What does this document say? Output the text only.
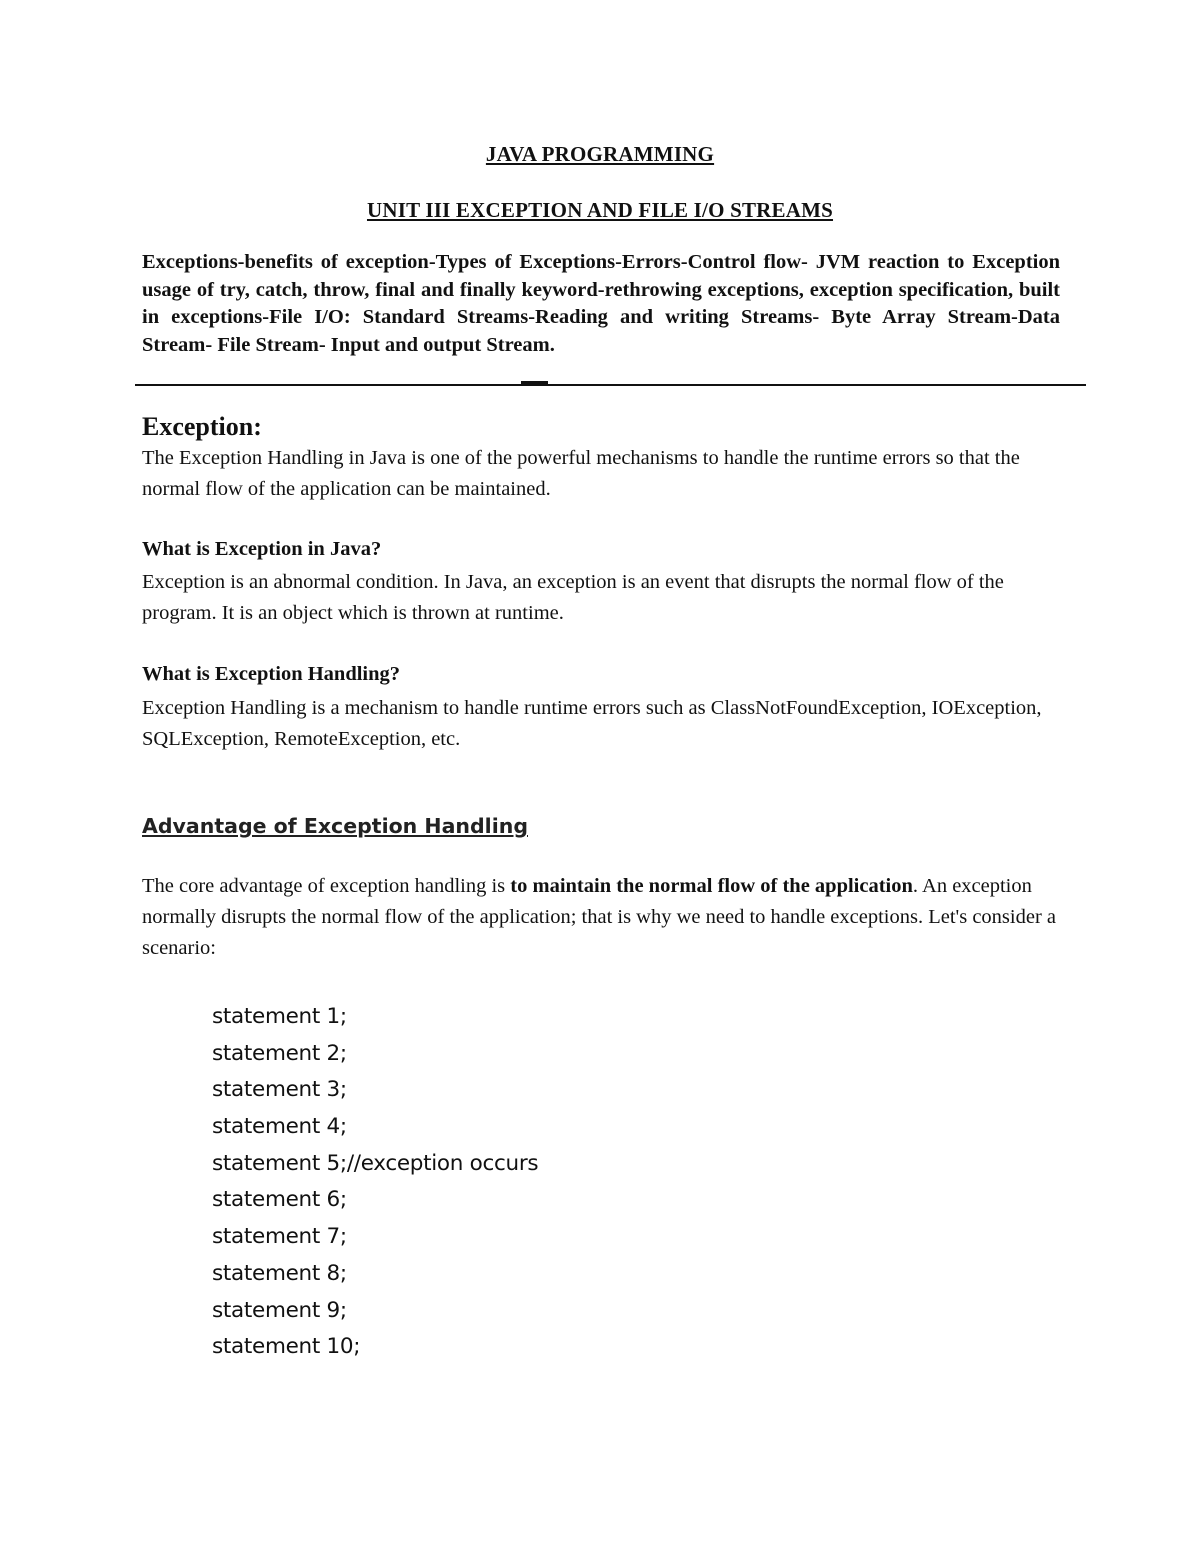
JAVA PROGRAMMING
UNIT III EXCEPTION AND FILE I/O STREAMS
Exceptions-benefits of exception-Types of Exceptions-Errors-Control flow- JVM reaction to Exception usage of try, catch, throw, final and finally keyword-rethrowing exceptions, exception specification, built in exceptions-File I/O: Standard Streams-Reading and writing Streams- Byte Array Stream-Data Stream- File Stream- Input and output Stream.
Exception:
The Exception Handling in Java is one of the powerful mechanisms to handle the runtime errors so that the normal flow of the application can be maintained.
What is Exception in Java?
Exception is an abnormal condition. In Java, an exception is an event that disrupts the normal flow of the program. It is an object which is thrown at runtime.
What is Exception Handling?
Exception Handling is a mechanism to handle runtime errors such as ClassNotFoundException, IOException, SQLException, RemoteException, etc.
Advantage of Exception Handling
The core advantage of exception handling is to maintain the normal flow of the application. An exception normally disrupts the normal flow of the application; that is why we need to handle exceptions. Let's consider a scenario:
statement 1;
statement 2;
statement 3;
statement 4;
statement 5;//exception occurs
statement 6;
statement 7;
statement 8;
statement 9;
statement 10;
